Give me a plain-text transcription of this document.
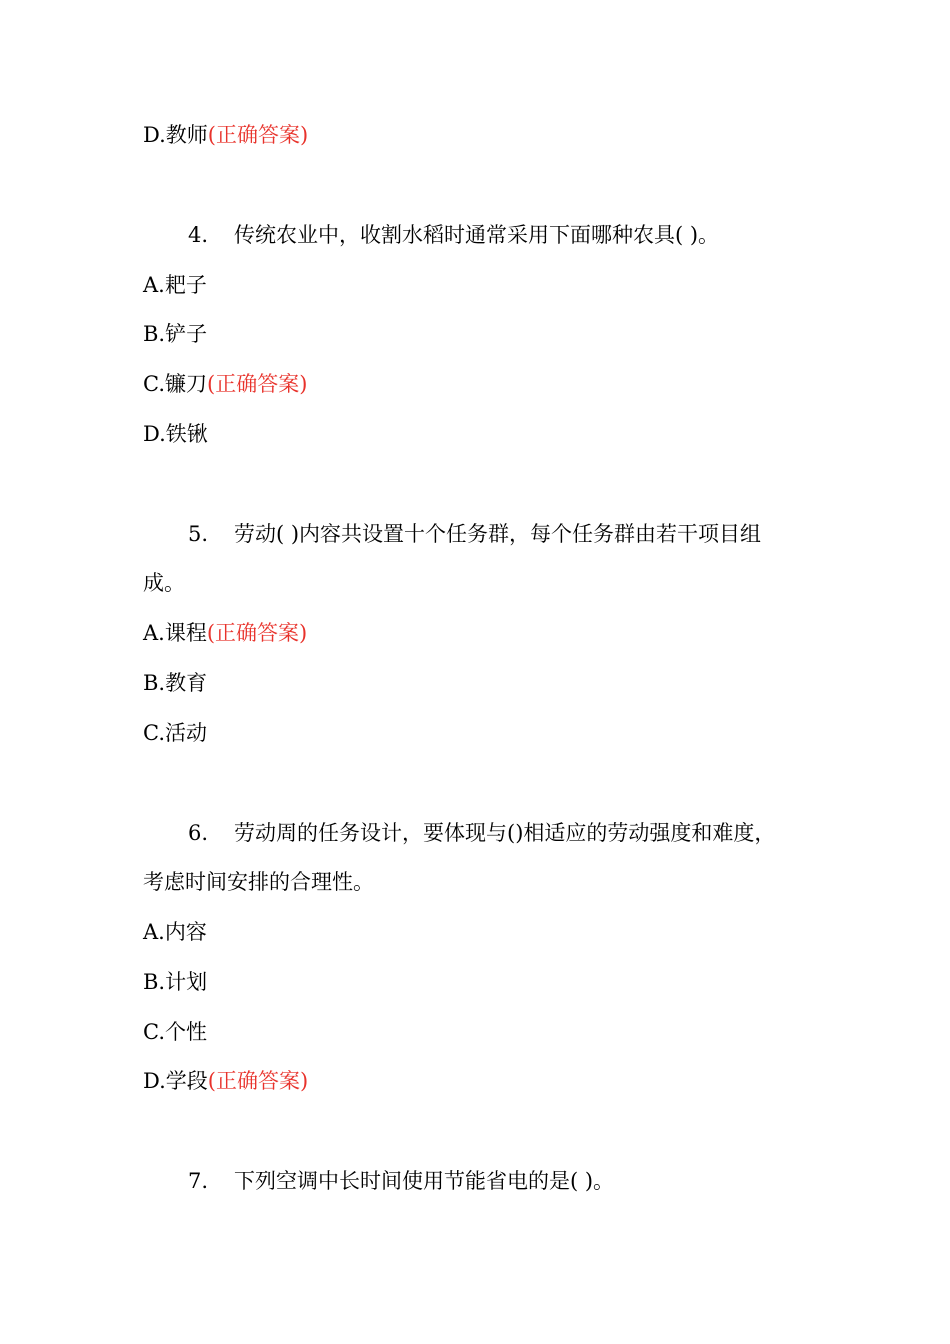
D.教师(正确答案)
4. 传统农业中，收割水稻时通常采用下面哪种农具( )。
A.耙子
B.铲子
C.镰刀(正确答案)
D.铁锹
5. 劳动( )内容共设置十个任务群，每个任务群由若干项目组
成。
A.课程(正确答案)
B.教育
C.活动
6. 劳动周的任务设计，要体现与()相适应的劳动强度和难度，
考虑时间安排的合理性。
A.内容
B.计划
C.个性
D.学段(正确答案)
7. 下列空调中长时间使用节能省电的是( )。
